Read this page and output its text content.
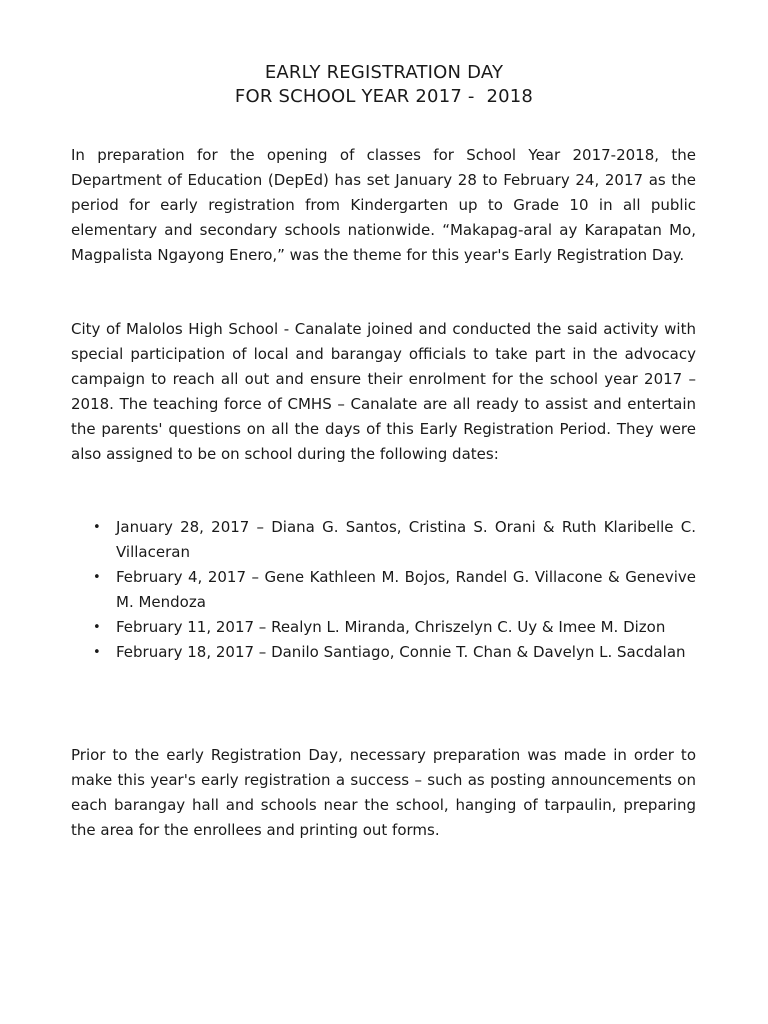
EARLY REGISTRATION DAY
FOR SCHOOL YEAR 2017 -  2018

In preparation for the opening of classes for School Year 2017-2018, the Department of Education (DepEd) has set January 28 to February 24, 2017 as the period for early registration from Kindergarten up to Grade 10 in all public elementary and secondary schools nationwide. “Makapag-aral ay Karapatan Mo, Magpalista Ngayong Enero,” was the theme for this year's Early Registration Day.

City of Malolos High School - Canalate joined and conducted the said activity with special participation of local and barangay officials to take part in the advocacy campaign to reach all out and ensure their enrolment for the school year 2017 – 2018. The teaching force of CMHS – Canalate are all ready to assist and entertain the parents' questions on all the days of this Early Registration Period. They were also assigned to be on school during the following dates:

• January 28, 2017 – Diana G. Santos, Cristina S. Orani & Ruth Klaribelle C. Villaceran
• February 4, 2017 – Gene Kathleen M. Bojos, Randel G. Villacone & Genevive M. Mendoza
• February 11, 2017 – Realyn L. Miranda, Chriszelyn C. Uy & Imee M. Dizon
• February 18, 2017 – Danilo Santiago, Connie T. Chan & Davelyn L. Sacdalan

Prior to the early Registration Day, necessary preparation was made in order to make this year's early registration a success – such as posting announcements on each barangay hall and schools near the school, hanging of tarpaulin, preparing the area for the enrollees and printing out forms.
